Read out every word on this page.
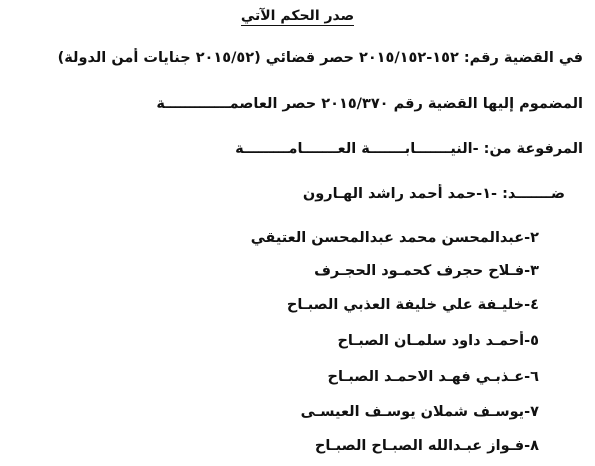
صدر الحكم الآتي
في القضية رقم: ١٥٢-٢٠١٥/١٥٢ حصر قضائي (٢٠١٥/٥٢ جنايات أمن الدولة)
المضموم إليها القضية رقم ٢٠١٥/٣٧٠ حصر العاصمـــــــــــــة
المرفوعة من: -النيـــــــابـــــــة العـــــــامـــــــــة
ضـــــــد: -١-حمد أحمد راشد الهـارون
٢-عبدالمحسن محمد عبدالمحسن العتيقي
٣-فـلاح حجرف كحمـود الحجـرف
٤-خليـفة علي خليفة العذبي الصبـاح
٥-أحمـد داود سلمـان الصبـاح
٦-عـذبـي فهـد الاحمـد الصبـاح
٧-يوسـف شملان يوسـف العيسـى
٨-فـواز عبـدالله الصبـاح الصبـاح
